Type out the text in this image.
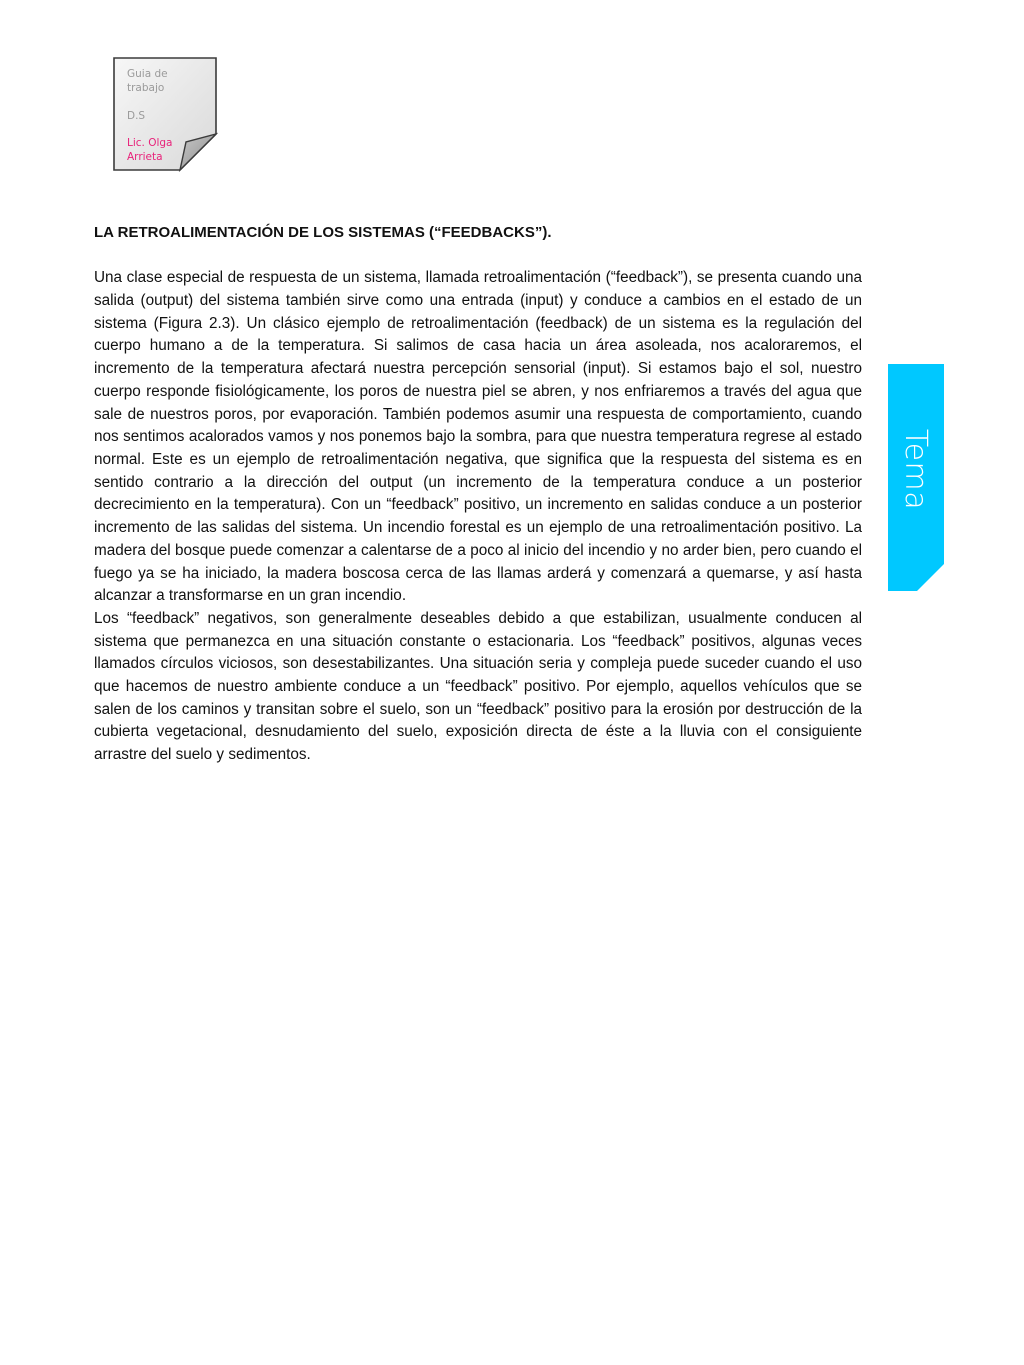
Guia de trabajo
D.S
Lic. Olga Arrieta
Tema
LA RETROALIMENTACIÓN DE LOS SISTEMAS (“FEEDBACKS”).

Una clase especial de respuesta de un sistema, llamada retroalimentación (“feedback”), se presenta cuando una salida (output) del sistema también sirve como una entrada (input) y conduce a cambios en el estado de un sistema (Figura 2.3). Un clásico ejemplo de retroalimentación (feedback) de un sistema es la regulación del cuerpo humano a de la temperatura. Si salimos de casa hacia un área asoleada, nos acaloraremos, el incremento de la temperatura afectará nuestra percepción sensorial (input). Si estamos bajo el sol, nuestro cuerpo responde fisiológicamente, los poros de nuestra piel se abren, y nos enfriaremos a través del agua que sale de nuestros poros, por evaporación. También podemos asumir una respuesta de comportamiento, cuando nos sentimos acalorados vamos y nos ponemos bajo la sombra, para que nuestra temperatura regrese al estado normal. Este es un ejemplo de retroalimentación negativa, que significa que la respuesta del sistema es en sentido contrario a la dirección del output (un incremento de la temperatura conduce a un posterior decrecimiento en la temperatura). Con un “feedback” positivo, un incremento en salidas conduce a un posterior incremento de las salidas del sistema. Un incendio forestal es un ejemplo de una retroalimentación positivo. La madera del bosque puede comenzar a calentarse de a poco al inicio del incendio y no arder bien, pero cuando el fuego ya se ha iniciado, la madera boscosa cerca de las llamas arderá y comenzará a quemarse, y así hasta alcanzar a transformarse en un gran incendio.

Los “feedback” negativos, son generalmente deseables debido a que estabilizan, usualmente conducen al sistema que permanezca en una situación constante o estacionaria. Los “feedback” positivos, algunas veces llamados círculos viciosos, son desestabilizantes. Una situación seria y compleja puede suceder cuando el uso que hacemos de nuestro ambiente conduce a un “feedback” positivo. Por ejemplo, aquellos vehículos que se salen de los caminos y transitan sobre el suelo, son un “feedback” positivo para la erosión por destrucción de la cubierta vegetacional, desnudamiento del suelo, exposición directa de éste a la lluvia con el consiguiente arrastre del suelo y sedimentos.
